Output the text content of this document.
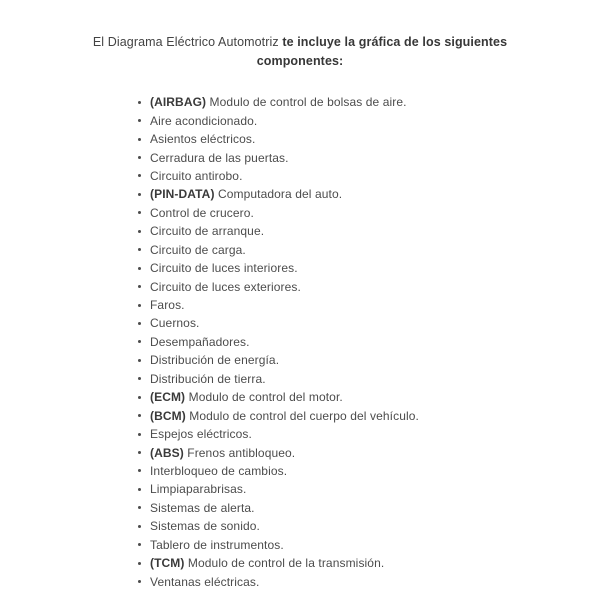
El Diagrama Eléctrico Automotriz te incluye la gráfica de los siguientes componentes:
(AIRBAG) Modulo de control de bolsas de aire.
Aire acondicionado.
Asientos eléctricos.
Cerradura de las puertas.
Circuito antirobo.
(PIN-DATA) Computadora del auto.
Control de crucero.
Circuito de arranque.
Circuito de carga.
Circuito de luces interiores.
Circuito de luces exteriores.
Faros.
Cuernos.
Desempañadores.
Distribución de energía.
Distribución de tierra.
(ECM) Modulo de control del motor.
(BCM) Modulo de control del cuerpo del vehículo.
Espejos eléctricos.
(ABS) Frenos antibloqueo.
Interbloqueo de cambios.
Limpiaparabrisas.
Sistemas de alerta.
Sistemas de sonido.
Tablero de instrumentos.
(TCM) Modulo de control de la transmisión.
Ventanas eléctricas.
